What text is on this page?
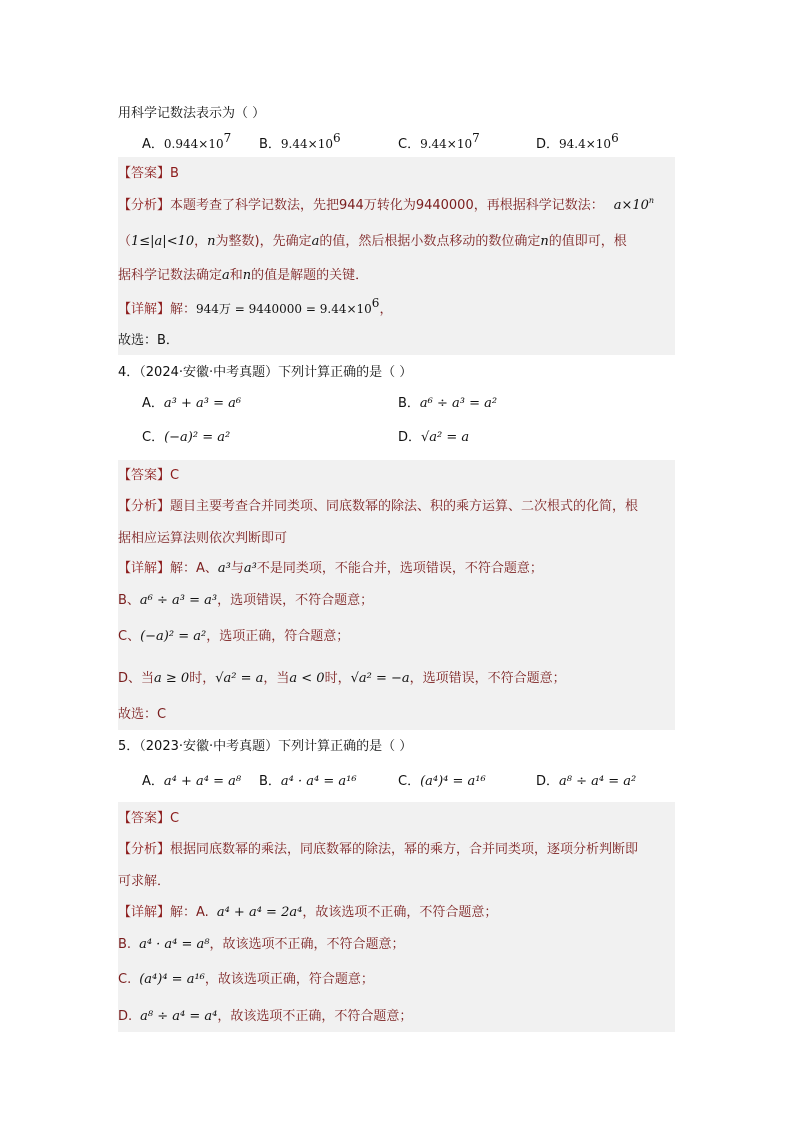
用科学记数法表示为（ ）
A．$0.944\times 10^7$ B．$9.44\times 10^6$	C．$9.44\times 10^7$	D．$94.4\times 10^6$
【答案】B
【分析】本题考查了科学记数法，先把944万转化为9440000，再根据科学记数法： $a\times 10^n$
（1≤|a|<10，n为整数)，先确定a的值，然后根据小数点移动的数位确定n的值即可，根
据科学记数法确定a和n的值是解题的关键．
【详解】解：944万 = $9440000 = 9.44\times 10^6$，
故选：B．
4．（2024·安徽·中考真题）下列计算正确的是（ ）
A．a³ + a³ = a⁶	B．a⁶ ÷ a³ = a²
C．(−a)² = a²	D．√a² = a
【答案】C
【分析】题目主要考查合并同类项、同底数幂的除法、积的乘方运算、二次根式的化简，根
据相应运算法则依次判断即可
【详解】解：A、a³与a³不是同类项，不能合并，选项错误，不符合题意；
B、a⁶ ÷ a³ = a³，选项错误，不符合题意；
C、(−a)² = a²，选项正确，符合题意；
D、当a ≥ 0时，√a² = a，当a < 0时，√a² = −a，选项错误，不符合题意；
故选：C
5．（2023·安徽·中考真题）下列计算正确的是（ ）
A．a⁴ + a⁴ = a⁸ B．a⁴ · a⁴ = a¹⁶	C．(a⁴)⁴ = a¹⁶	D．a⁸ ÷ a⁴ = a²
【答案】C
【分析】根据同底数幂的乘法，同底数幂的除法，幂的乘方，合并同类项，逐项分析判断即
可求解．
【详解】解：A. a⁴ + a⁴ = 2a⁴，故该选项不正确，不符合题意；
B. a⁴ · a⁴ = a⁸，故该选项不正确，不符合题意；
C. (a⁴)⁴ = a¹⁶，故该选项正确，符合题意；
D. a⁸ ÷ a⁴ = a⁴，故该选项不正确，不符合题意；
